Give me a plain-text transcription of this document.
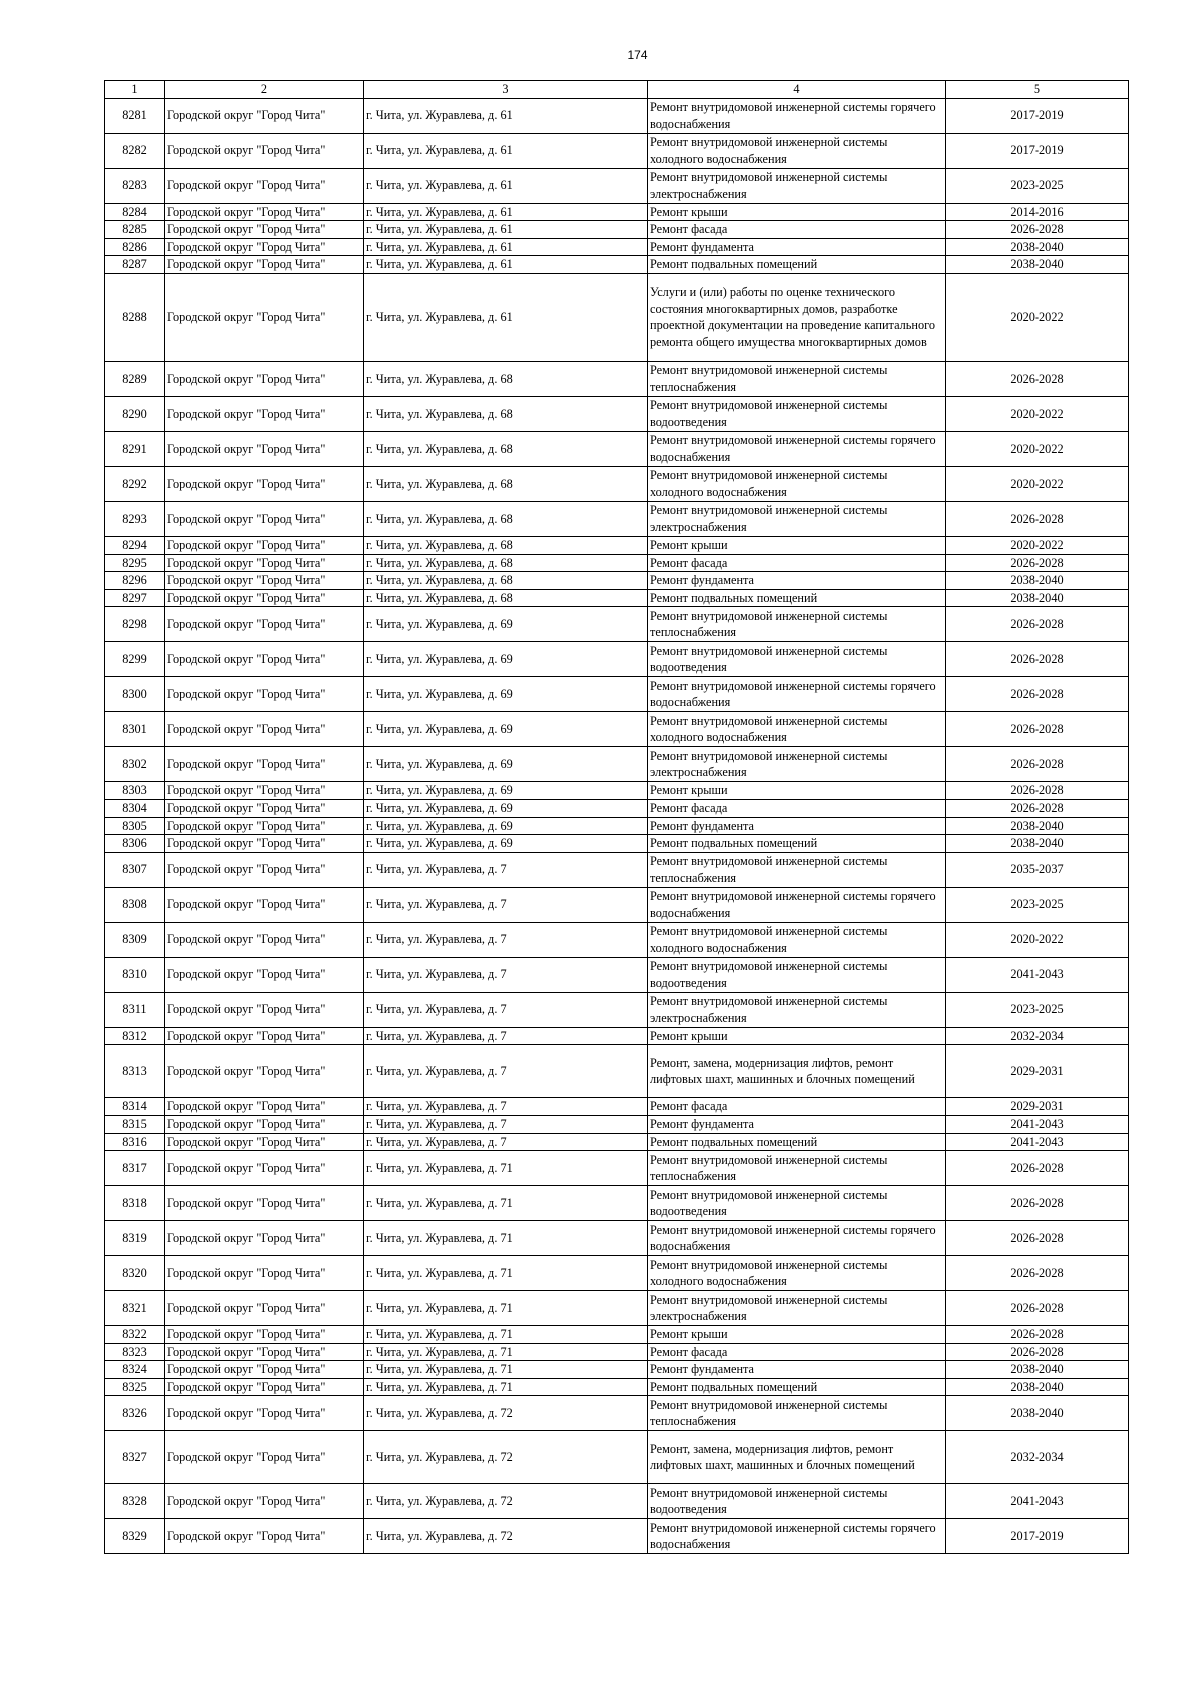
174
1	2	3	4	5
8281	Городской округ "Город Чита"	г. Чита, ул. Журавлева, д. 61	Ремонт внутридомовой инженерной системы горячего водоснабжения	2017-2019
8282	Городской округ "Город Чита"	г. Чита, ул. Журавлева, д. 61	Ремонт внутридомовой инженерной системы холодного водоснабжения	2017-2019
8283	Городской округ "Город Чита"	г. Чита, ул. Журавлева, д. 61	Ремонт внутридомовой инженерной системы электроснабжения	2023-2025
8284	Городской округ "Город Чита"	г. Чита, ул. Журавлева, д. 61	Ремонт крыши	2014-2016
8285	Городской округ "Город Чита"	г. Чита, ул. Журавлева, д. 61	Ремонт фасада	2026-2028
8286	Городской округ "Город Чита"	г. Чита, ул. Журавлева, д. 61	Ремонт фундамента	2038-2040
8287	Городской округ "Город Чита"	г. Чита, ул. Журавлева, д. 61	Ремонт подвальных помещений	2038-2040
8288	Городской округ "Город Чита"	г. Чита, ул. Журавлева, д. 61	Услуги и (или) работы по оценке технического состояния многоквартирных домов, разработке проектной документации на проведение капитального ремонта общего имущества многоквартирных домов	2020-2022
8289	Городской округ "Город Чита"	г. Чита, ул. Журавлева, д. 68	Ремонт внутридомовой инженерной системы теплоснабжения	2026-2028
8290	Городской округ "Город Чита"	г. Чита, ул. Журавлева, д. 68	Ремонт внутридомовой инженерной системы водоотведения	2020-2022
8291	Городской округ "Город Чита"	г. Чита, ул. Журавлева, д. 68	Ремонт внутридомовой инженерной системы горячего водоснабжения	2020-2022
8292	Городской округ "Город Чита"	г. Чита, ул. Журавлева, д. 68	Ремонт внутридомовой инженерной системы холодного водоснабжения	2020-2022
8293	Городской округ "Город Чита"	г. Чита, ул. Журавлева, д. 68	Ремонт внутридомовой инженерной системы электроснабжения	2026-2028
8294	Городской округ "Город Чита"	г. Чита, ул. Журавлева, д. 68	Ремонт крыши	2020-2022
8295	Городской округ "Город Чита"	г. Чита, ул. Журавлева, д. 68	Ремонт фасада	2026-2028
8296	Городской округ "Город Чита"	г. Чита, ул. Журавлева, д. 68	Ремонт фундамента	2038-2040
8297	Городской округ "Город Чита"	г. Чита, ул. Журавлева, д. 68	Ремонт подвальных помещений	2038-2040
8298	Городской округ "Город Чита"	г. Чита, ул. Журавлева, д. 69	Ремонт внутридомовой инженерной системы теплоснабжения	2026-2028
8299	Городской округ "Город Чита"	г. Чита, ул. Журавлева, д. 69	Ремонт внутридомовой инженерной системы водоотведения	2026-2028
8300	Городской округ "Город Чита"	г. Чита, ул. Журавлева, д. 69	Ремонт внутридомовой инженерной системы горячего водоснабжения	2026-2028
8301	Городской округ "Город Чита"	г. Чита, ул. Журавлева, д. 69	Ремонт внутридомовой инженерной системы холодного водоснабжения	2026-2028
8302	Городской округ "Город Чита"	г. Чита, ул. Журавлева, д. 69	Ремонт внутридомовой инженерной системы электроснабжения	2026-2028
8303	Городской округ "Город Чита"	г. Чита, ул. Журавлева, д. 69	Ремонт крыши	2026-2028
8304	Городской округ "Город Чита"	г. Чита, ул. Журавлева, д. 69	Ремонт фасада	2026-2028
8305	Городской округ "Город Чита"	г. Чита, ул. Журавлева, д. 69	Ремонт фундамента	2038-2040
8306	Городской округ "Город Чита"	г. Чита, ул. Журавлева, д. 69	Ремонт подвальных помещений	2038-2040
8307	Городской округ "Город Чита"	г. Чита, ул. Журавлева, д. 7	Ремонт внутридомовой инженерной системы теплоснабжения	2035-2037
8308	Городской округ "Город Чита"	г. Чита, ул. Журавлева, д. 7	Ремонт внутридомовой инженерной системы горячего водоснабжения	2023-2025
8309	Городской округ "Город Чита"	г. Чита, ул. Журавлева, д. 7	Ремонт внутридомовой инженерной системы холодного водоснабжения	2020-2022
8310	Городской округ "Город Чита"	г. Чита, ул. Журавлева, д. 7	Ремонт внутридомовой инженерной системы водоотведения	2041-2043
8311	Городской округ "Город Чита"	г. Чита, ул. Журавлева, д. 7	Ремонт внутридомовой инженерной системы электроснабжения	2023-2025
8312	Городской округ "Город Чита"	г. Чита, ул. Журавлева, д. 7	Ремонт крыши	2032-2034
8313	Городской округ "Город Чита"	г. Чита, ул. Журавлева, д. 7	Ремонт, замена, модернизация лифтов, ремонт лифтовых шахт, машинных и блочных помещений	2029-2031
8314	Городской округ "Город Чита"	г. Чита, ул. Журавлева, д. 7	Ремонт фасада	2029-2031
8315	Городской округ "Город Чита"	г. Чита, ул. Журавлева, д. 7	Ремонт фундамента	2041-2043
8316	Городской округ "Город Чита"	г. Чита, ул. Журавлева, д. 7	Ремонт подвальных помещений	2041-2043
8317	Городской округ "Город Чита"	г. Чита, ул. Журавлева, д. 71	Ремонт внутридомовой инженерной системы теплоснабжения	2026-2028
8318	Городской округ "Город Чита"	г. Чита, ул. Журавлева, д. 71	Ремонт внутридомовой инженерной системы водоотведения	2026-2028
8319	Городской округ "Город Чита"	г. Чита, ул. Журавлева, д. 71	Ремонт внутридомовой инженерной системы горячего водоснабжения	2026-2028
8320	Городской округ "Город Чита"	г. Чита, ул. Журавлева, д. 71	Ремонт внутридомовой инженерной системы холодного водоснабжения	2026-2028
8321	Городской округ "Город Чита"	г. Чита, ул. Журавлева, д. 71	Ремонт внутридомовой инженерной системы электроснабжения	2026-2028
8322	Городской округ "Город Чита"	г. Чита, ул. Журавлева, д. 71	Ремонт крыши	2026-2028
8323	Городской округ "Город Чита"	г. Чита, ул. Журавлева, д. 71	Ремонт фасада	2026-2028
8324	Городской округ "Город Чита"	г. Чита, ул. Журавлева, д. 71	Ремонт фундамента	2038-2040
8325	Городской округ "Город Чита"	г. Чита, ул. Журавлева, д. 71	Ремонт подвальных помещений	2038-2040
8326	Городской округ "Город Чита"	г. Чита, ул. Журавлева, д. 72	Ремонт внутридомовой инженерной системы теплоснабжения	2038-2040
8327	Городской округ "Город Чита"	г. Чита, ул. Журавлева, д. 72	Ремонт, замена, модернизация лифтов, ремонт лифтовых шахт, машинных и блочных помещений	2032-2034
8328	Городской округ "Город Чита"	г. Чита, ул. Журавлева, д. 72	Ремонт внутридомовой инженерной системы водоотведения	2041-2043
8329	Городской округ "Город Чита"	г. Чита, ул. Журавлева, д. 72	Ремонт внутридомовой инженерной системы горячего водоснабжения	2017-2019
